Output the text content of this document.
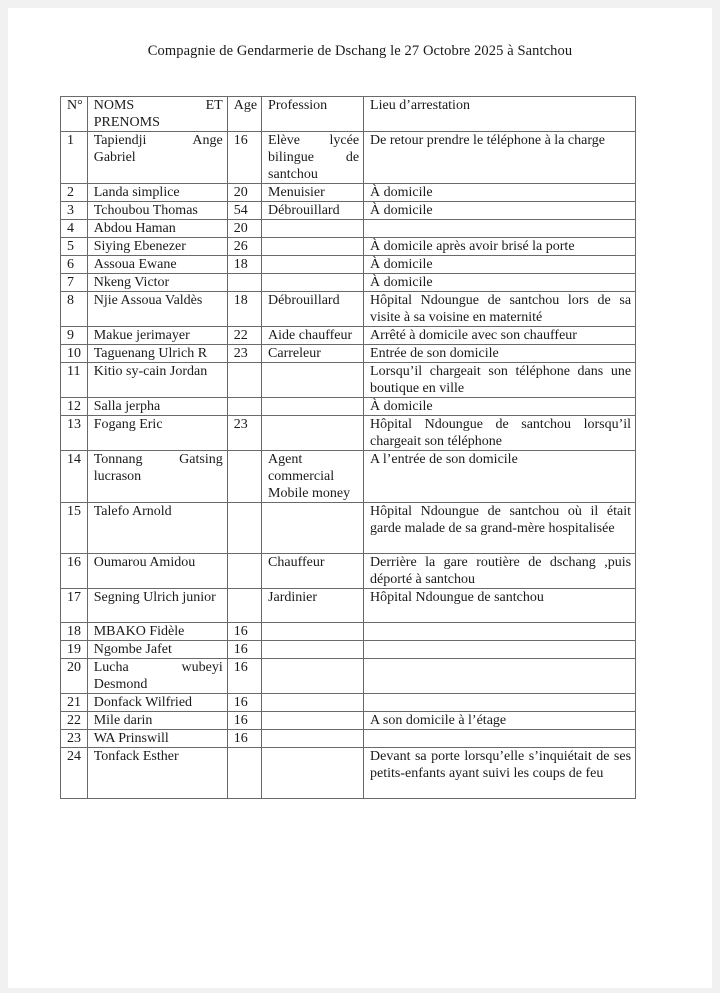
Compagnie de Gendarmerie de Dschang le 27 Octobre 2025 à Santchou
N°	NOMS ET PRENOMS	Age	Profession	Lieu d’arrestation
1	Tapiendji Ange Gabriel	16	Elève lycée bilingue de santchou	De retour prendre le téléphone à la charge
2	Landa simplice	20	Menuisier	À domicile
3	Tchoubou Thomas	54	Débrouillard	À domicile
4	Abdou Haman	20		
5	Siying Ebenezer	26		À domicile après avoir brisé la porte
6	Assoua Ewane	18		À domicile
7	Nkeng Victor			À domicile
8	Njie Assoua Valdès	18	Débrouillard	Hôpital Ndoungue de santchou lors de sa visite à sa voisine en maternité
9	Makue jerimayer	22	Aide chauffeur	Arrêté à domicile avec son chauffeur
10	Taguenang Ulrich R	23	Carreleur	Entrée de son domicile
11	Kitio sy-cain Jordan			Lorsqu’il chargeait son téléphone dans une boutique en ville
12	Salla jerpha			À domicile
13	Fogang Eric	23		Hôpital Ndoungue de santchou lorsqu’il chargeait son téléphone
14	Tonnang Gatsing lucrason		Agent commercial Mobile money	A l’entrée de son domicile
15	Talefo Arnold			Hôpital Ndoungue de santchou où il était garde malade de sa grand-mère hospitalisée
16	Oumarou Amidou		Chauffeur	Derrière la gare routière de dschang ,puis déporté à santchou
17	Segning Ulrich junior		Jardinier	Hôpital Ndoungue de santchou
18	MBAKO Fidèle	16		
19	Ngombe Jafet	16		
20	Lucha wubeyi Desmond	16		
21	Donfack Wilfried	16		
22	Mile darin	16		A son domicile à l’étage
23	WA Prinswill	16		
24	Tonfack Esther			Devant sa porte lorsqu’elle s’inquiétait de ses petits-enfants ayant suivi les coups de feu
